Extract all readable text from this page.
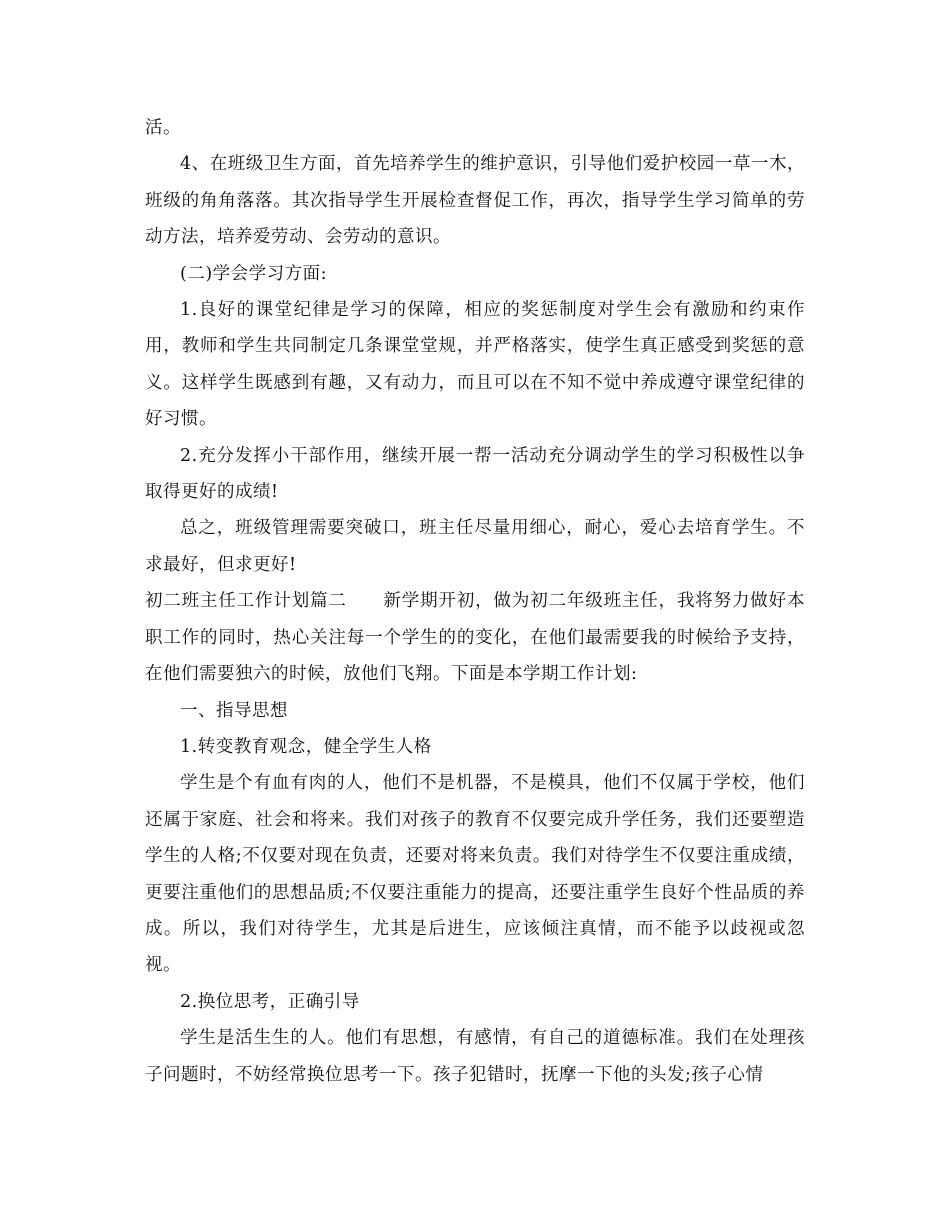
活。

4、在班级卫生方面，首先培养学生的维护意识，引导他们爱护校园一草一木，班级的角角落落。其次指导学生开展检查督促工作，再次，指导学生学习简单的劳动方法，培养爱劳动、会劳动的意识。

(二)学会学习方面:

1.良好的课堂纪律是学习的保障，相应的奖惩制度对学生会有激励和约束作用，教师和学生共同制定几条课堂堂规，并严格落实，使学生真正感受到奖惩的意义。这样学生既感到有趣，又有动力，而且可以在不知不觉中养成遵守课堂纪律的好习惯。

2.充分发挥小干部作用，继续开展一帮一活动充分调动学生的学习积极性以争取得更好的成绩!

总之，班级管理需要突破口，班主任尽量用细心，耐心，爱心去培育学生。不求最好，但求更好!

初二班主任工作计划篇二　　新学期开初，做为初二年级班主任，我将努力做好本职工作的同时，热心关注每一个学生的的变化，在他们最需要我的时候给予支持，在他们需要独六的时候，放他们飞翔。下面是本学期工作计划:

一、指导思想

1.转变教育观念，健全学生人格

学生是个有血有肉的人，他们不是机器，不是模具，他们不仅属于学校，他们还属于家庭、社会和将来。我们对孩子的教育不仅要完成升学任务，我们还要塑造学生的人格;不仅要对现在负责，还要对将来负责。我们对待学生不仅要注重成绩，更要注重他们的思想品质;不仅要注重能力的提高，还要注重学生良好个性品质的养成。所以，我们对待学生，尤其是后进生，应该倾注真情，而不能予以歧视或忽视。

2.换位思考，正确引导

学生是活生生的人。他们有思想，有感情，有自己的道德标准。我们在处理孩子问题时，不妨经常换位思考一下。孩子犯错时，抚摩一下他的头发;孩子心情
